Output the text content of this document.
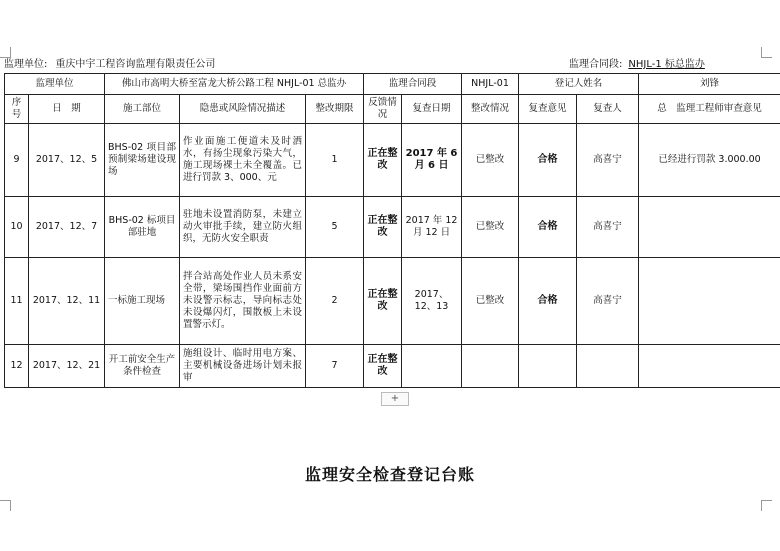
监理单位: 重庆中宇工程咨询监理有限责任公司	监理合同段: NHJL-1 标总监办
监理单位		佛山市高明大桥至富龙大桥公路工程 NHJL-01 总监办			监理合同段		NHJL-01	登记人姓名		刘锋
序号	日　期	施工部位	隐患或风险情况描述	整改期限	反馈情况	复查日期	整改情况	复查意见	复查人	总　监理工程师审查意见
9	2017、12、5	BHS-02 项目部预制梁场建设现场	作业面施工便道未及时洒水，有扬尘现象污染大气，施工现场裸土未全覆盖。已进行罚款 3、000、元	1	正在整改	2017 年 6 月 6 日	已整改	合格	高喜宁	已经进行罚款 3.000.00
10	2017、12、7	BHS-02 标项目部驻地	驻地未设置消防泵，未建立动火审批手续，建立防火组织，无防火安全职责	5	正在整改	2017 年 12 月 12 日	已整改	合格	高喜宁	
11	2017、12、11	一标施工现场	拌合站高处作业人员未系安全带，梁场围挡作业面前方未设警示标志，导向标志处未设爆闪灯，围散板上未设置警示灯。	2	正在整改	2017、12、13	已整改	合格	高喜宁	
12	2017、12、21	开工前安全生产条件检查	施组设计、临时用电方案、主要机械设备进场计划未报审	7	正在整改					
+
监理安全检查登记台账
